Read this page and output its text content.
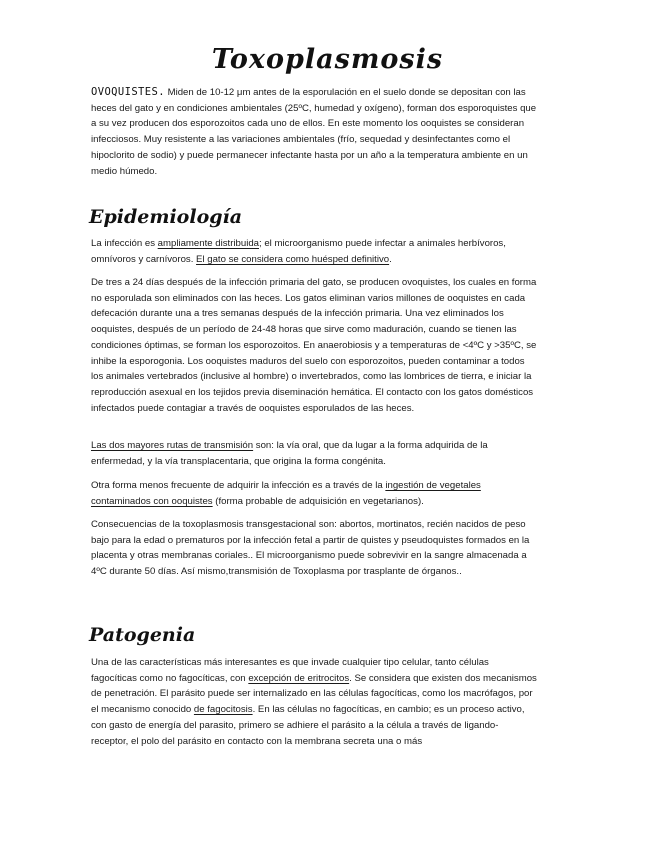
Toxoplasmosis

OVOQUISTES. Miden de 10-12 μm antes de la esporulación en el suelo donde se depositan con las heces del gato y en condiciones ambientales (25ºC, humedad y oxígeno), forman dos esporoquistes que a su vez producen dos esporozoitos cada uno de ellos. En este momento los ooquistes se consideran infecciosos. Muy resistente a las variaciones ambientales (frío, sequedad y desinfectantes como el hipoclorito de sodio) y puede permanecer infectante hasta por un año a la temperatura ambiente en un medio húmedo.

Epidemiología

La infección es ampliamente distribuida; el microorganismo puede infectar a animales herbívoros, omnívoros y carnívoros. El gato se considera como huésped definitivo.

De tres a 24 días después de la infección primaria del gato, se producen ovoquistes, los cuales en forma no esporulada son eliminados con las heces. Los gatos eliminan varios millones de ooquistes en cada defecación durante una a tres semanas después de la infección primaria. Una vez eliminados los ooquistes, después de un período de 24-48 horas que sirve como maduración, cuando se tienen las condiciones óptimas, se forman los esporozoitos. En anaerobiosis y a temperaturas de <4ºC y >35ºC, se inhibe la esporogonia. Los ooquistes maduros del suelo con esporozoitos, pueden contaminar a todos los animales vertebrados (inclusive al hombre) o invertebrados, como las lombrices de tierra, e iniciar la reproducción asexual en los tejidos previa diseminación hemática. El contacto con los gatos domésticos infectados puede contagiar a través de ooquistes esporulados de las heces.

Las dos mayores rutas de transmisión son: la vía oral, que da lugar a la forma adquirida de la enfermedad, y la vía transplacentaria, que origina la forma congénita.

Otra forma menos frecuente de adquirir la infección es a través de la ingestión de vegetales contaminados con ooquistes (forma probable de adquisición en vegetarianos).

Consecuencias de la toxoplasmosis transgestacional son: abortos, mortinatos, recién nacidos de peso bajo para la edad o prematuros por la infección fetal a partir de quistes y pseudoquistes formados en la placenta y otras membranas coriales.. El microorganismo puede sobrevivir en la sangre almacenada a 4ºC durante 50 días. Así mismo,transmisión de Toxoplasma por trasplante de órganos..

Patogenia

Una de las características más interesantes es que invade cualquier tipo celular, tanto células fagocíticas como no fagocíticas, con excepción de eritrocitos. Se considera que existen dos mecanismos de penetración. El parásito puede ser internalizado en las células fagocíticas, como los macrófagos, por el mecanismo conocido de fagocitosis. En las células no fagocíticas, en cambio; es un proceso activo, con gasto de energía del parasito, primero se adhiere el parásito a la célula a través de ligando- receptor, el polo del parásito en contacto con la membrana secreta una o más
